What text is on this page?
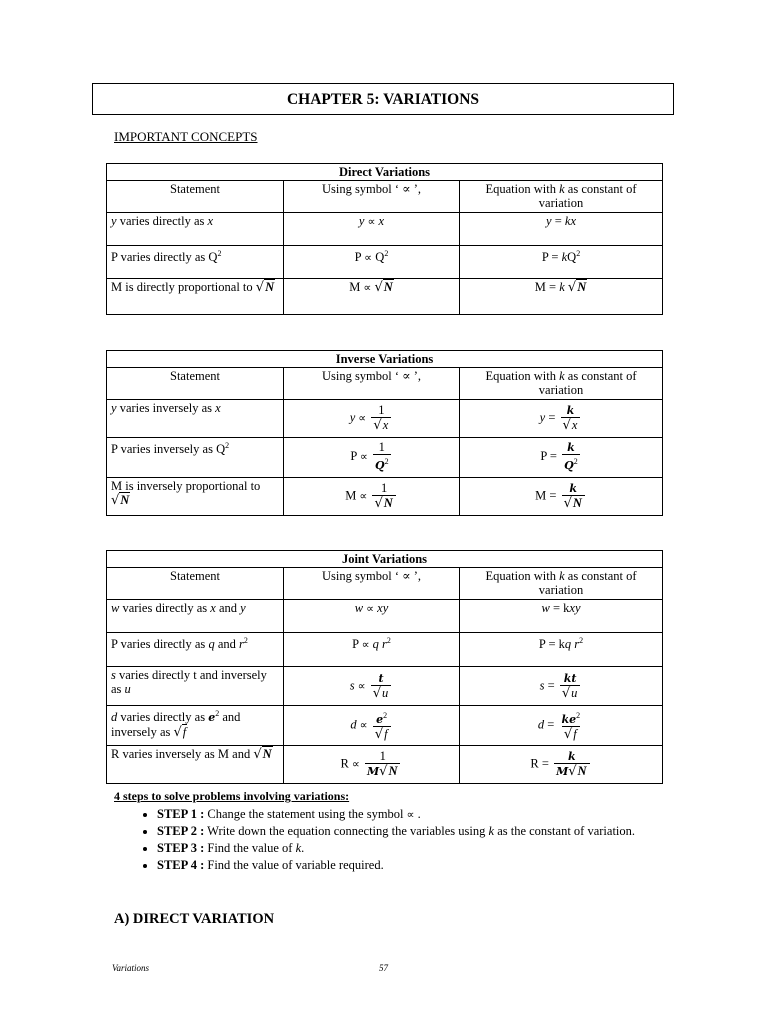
CHAPTER 5: VARIATIONS
IMPORTANT CONCEPTS
Direct Variations		
Statement	Using symbol ‘ ∝ ’,	Equation with k as constant of variation
y varies directly as x	y ∝ x	y = kx
P varies directly as $Q^2$	$P \propto Q^2$	$P = kQ^2$
M is directly proportional to √N	M ∝ √N	M = k √N
Inverse Variations		
Statement	Using symbol ‘ ∝ ’,	Equation with k as constant of variation
y varies inversely as x	$y \propto \frac{1}{√x}$	$y = \frac{k}{√x}$

P varies inversely as $Q^2$	$P \propto \frac{1}{Q^2}$	$P = \frac{k}{Q^2}$

M is inversely proportional to √N	$M \propto \frac{1}{√N}$	$M = \frac{k}{√N}$
Joint Variations		
Statement	Using symbol ‘ ∝ ’,	Equation with k as constant of variation
w varies directly as x and y	w ∝ xy	w = kxy
P varies directly as q and $r^2$	P ∝ q $r^2$	P = kq $r^2$
s varies directly t and inversely as u	$s \propto \frac{t}{√u}$	$s = \frac{kt}{√u}$

d varies directly as $e^2$ and inversely as √f	$d \propto \frac{e^2}{√f}$	$d = \frac{ke^2}{√f}$

R varies inversely as M and √N	$R \propto \frac{1}{M√N}$	$R = \frac{k}{M√N}$
4 steps to solve problems involving variations:
• STEP 1 : Change the statement using the symbol ∝ .
• STEP 2 : Write down the equation connecting the variables using k as the constant of variation.
• STEP 3 : Find the value of k.
• STEP 4 : Find the value of variable required.
A) DIRECT VARIATION
Variations	57
